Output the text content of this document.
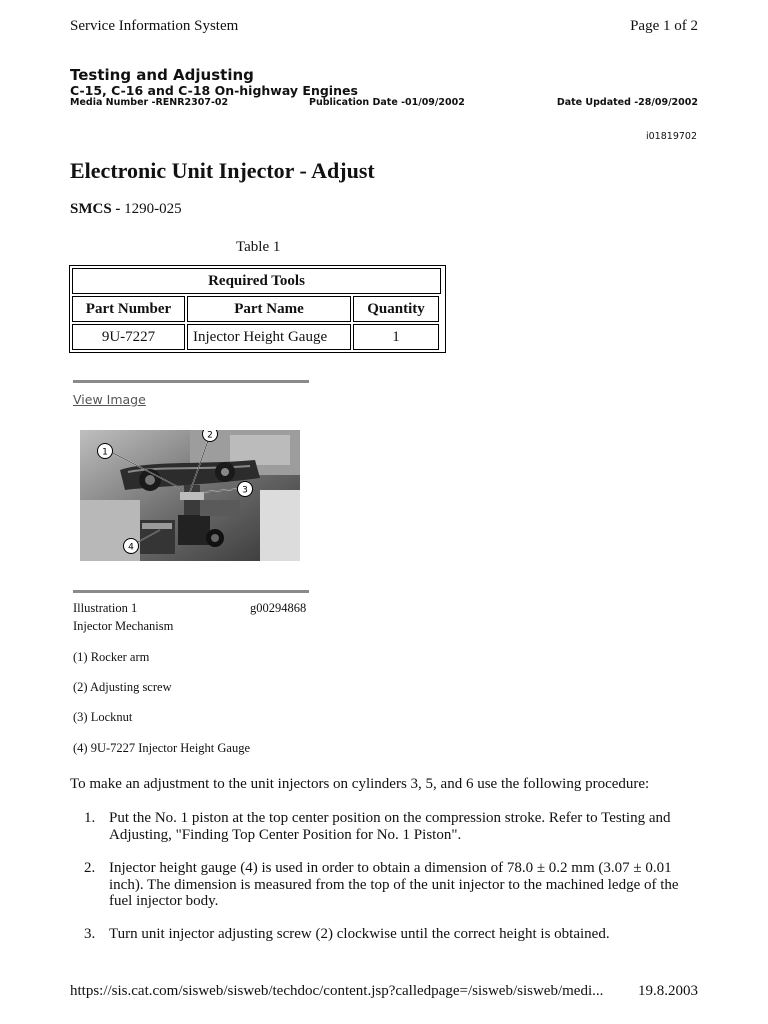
Service Information System	Page 1 of 2
Testing and Adjusting
C-15, C-16 and C-18 On-highway Engines
Media Number -RENR2307-02	Publication Date -01/09/2002	Date Updated -28/09/2002
i01819702
Electronic Unit Injector - Adjust
SMCS - 1290-025
Table 1
Required Tools
Part Number	Part Name	Quantity
9U-7227	Injector Height Gauge	1
View Image
1
2
3
4
Illustration 1	g00294868
Injector Mechanism
(1) Rocker arm
(2) Adjusting screw
(3) Locknut
(4) 9U-7227 Injector Height Gauge
To make an adjustment to the unit injectors on cylinders 3, 5, and 6 use the following procedure:
1. Put the No. 1 piston at the top center position on the compression stroke. Refer to Testing and
Adjusting, "Finding Top Center Position for No. 1 Piston".
2. Injector height gauge (4) is used in order to obtain a dimension of 78.0 ± 0.2 mm (3.07 ± 0.01
inch). The dimension is measured from the top of the unit injector to the machined ledge of the
fuel injector body.
3. Turn unit injector adjusting screw (2) clockwise until the correct height is obtained.
https://sis.cat.com/sisweb/sisweb/techdoc/content.jsp?calledpage=/sisweb/sisweb/medi... 19.8.2003
